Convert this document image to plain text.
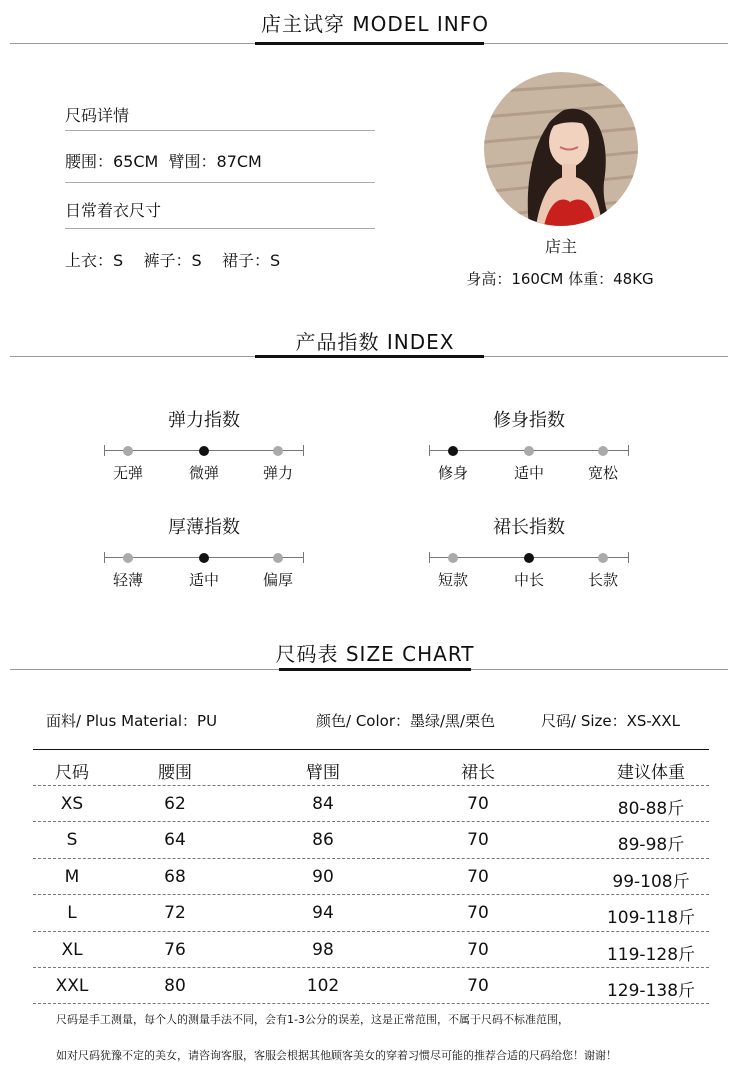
店主试穿 MODEL INFO
尺码详情
腰围：65CM  臂围：87CM
日常着衣尺寸
上衣：S    裤子：S    裙子：S
店主
身高：160CM 体重：48KG
产品指数 INDEX
弹力指数
无弹	微弹	弹力
修身指数
修身	适中	宽松
厚薄指数
轻薄	适中	偏厚
裙长指数
短款	中长	长款
尺码表 SIZE CHART
面料/ Plus Material：PU	颜色/ Color：墨绿/黑/栗色	尺码/ Size：XS-XXL
尺码	腰围	臂围	裙长	建议体重
XS	62	84	70	80-88斤
S	64	86	70	89-98斤
M	68	90	70	99-108斤
L	72	94	70	109-118斤
XL	76	98	70	119-128斤
XXL	80	102	70	129-138斤
尺码是手工测量，每个人的测量手法不同，会有1-3公分的误差，这是正常范围，不属于尺码不标准范围，
如对尺码犹豫不定的美女，请咨询客服，客服会根据其他顾客美女的穿着习惯尽可能的推荐合适的尺码给您！谢谢！
